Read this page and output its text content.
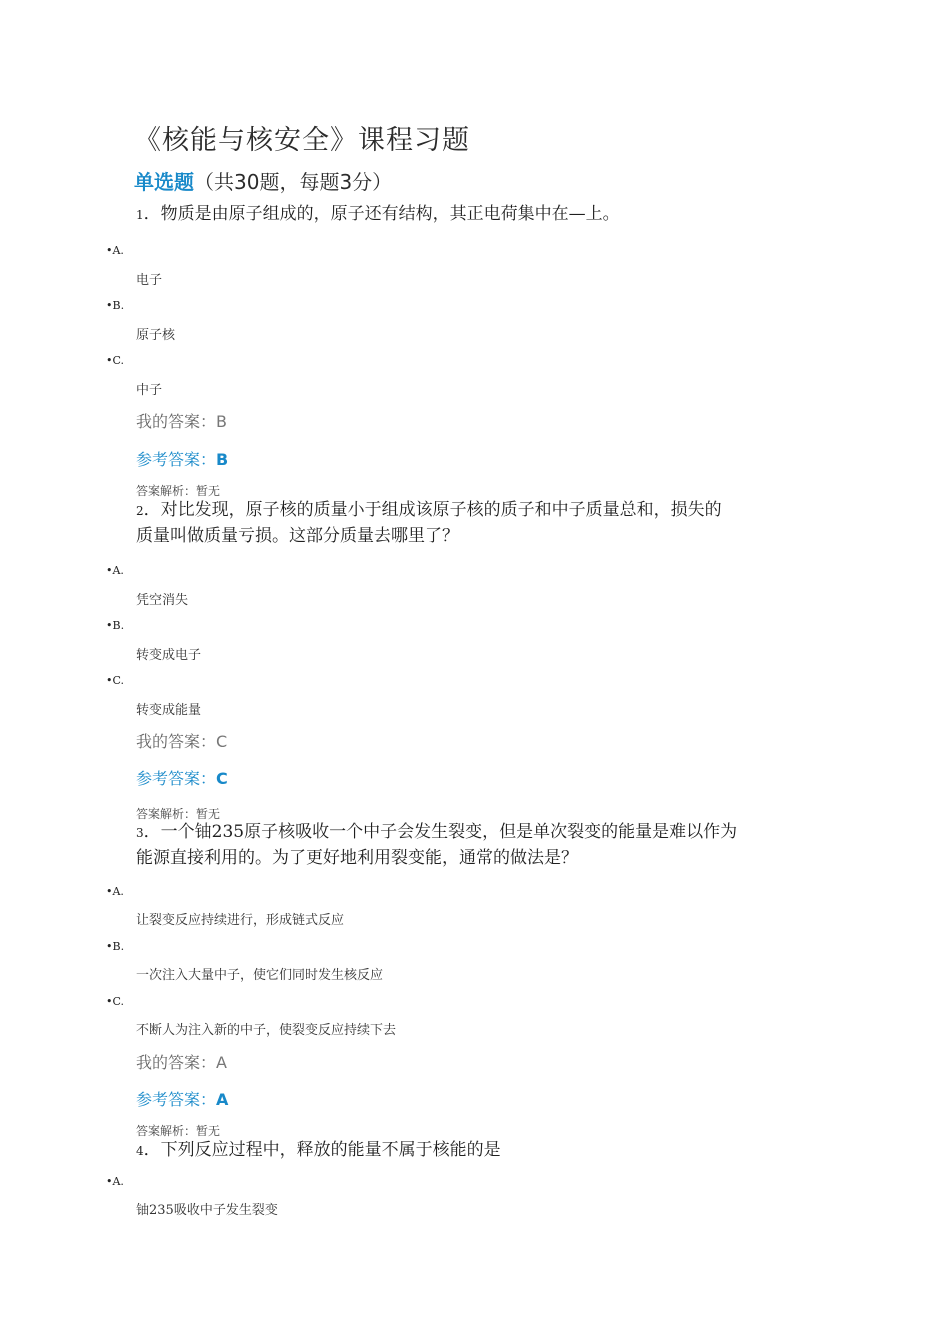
《核能与核安全》课程习题
单选题（共30题，每题3分）
1．物质是由原子组成的，原子还有结构，其正电荷集中在—上。
•A.
电子
•B.
原子核
•C.
中子
我的答案：B
参考答案：B
答案解析：暂无
2．对比发现，原子核的质量小于组成该原子核的质子和中子质量总和，损失的
质量叫做质量亏损。这部分质量去哪里了？
•A.
凭空消失
•B.
转变成电子
•C.
转变成能量
我的答案：C
参考答案：C
答案解析：暂无
3．一个铀235原子核吸收一个中子会发生裂变，但是单次裂变的能量是难以作为
能源直接利用的。为了更好地利用裂变能，通常的做法是？
•A.
让裂变反应持续进行，形成链式反应
•B.
一次注入大量中子，使它们同时发生核反应
•C.
不断人为注入新的中子，使裂变反应持续下去
我的答案：A
参考答案：A
答案解析：暂无
4．下列反应过程中，释放的能量不属于核能的是
•A.
铀235吸收中子发生裂变
